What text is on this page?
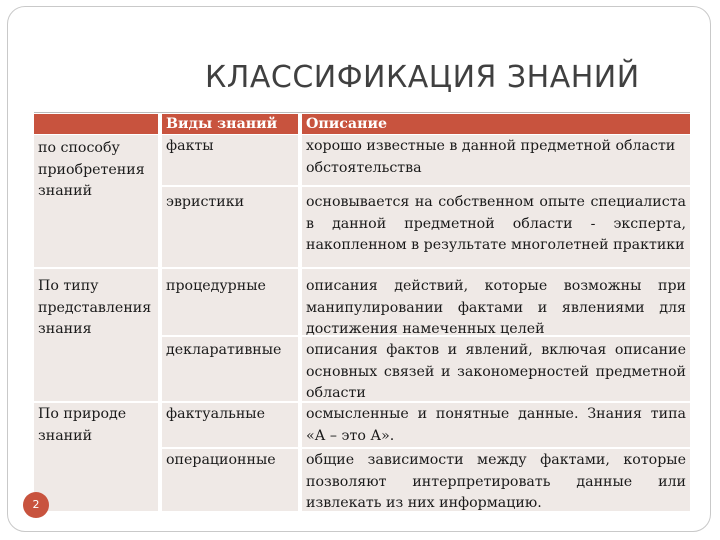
КЛАССИФИКАЦИЯ ЗНАНИЙ
Виды знаний	Описание
по способу приобретения знаний
По типу представления знания
По природе знаний
факты
эвристики
процедурные
декларативные
фактуальные
операционные
хорошо известные в данной предметной области обстоятельства
основывается на собственном опыте специалиста в данной предметной области - эксперта, накопленном в результате многолетней практики
описания действий, которые возможны при манипулировании фактами и явлениями для достижения намеченных целей
описания фактов и явлений, включая описание основных связей и закономерностей предметной области
осмысленные и понятные данные. Знания типа «А – это А».
общие зависимости между фактами, которые позволяют интерпретировать данные или извлекать из них информацию.
2
